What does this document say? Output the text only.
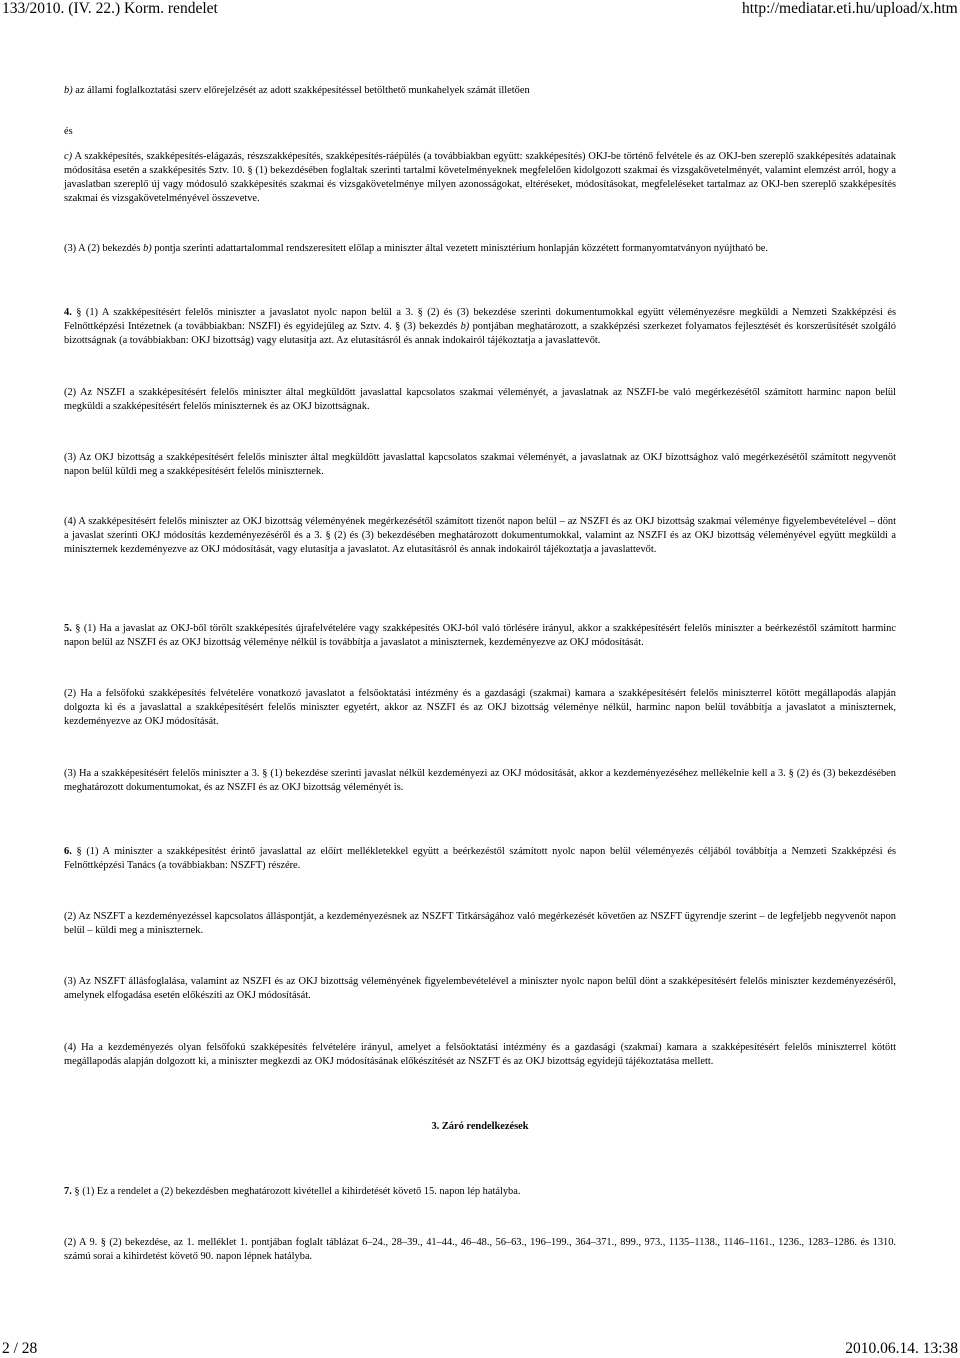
133/2010. (IV. 22.) Korm. rendelet	http://mediatar.eti.hu/upload/x.htm

b) az állami foglalkoztatási szerv előrejelzését az adott szakképesítéssel betölthető munkahelyek számát illetően

és

c) A szakképesítés, szakképesítés-elágazás, részszakképesítés, szakképesítés-ráépülés (a továbbiakban együtt: szakképesítés) OKJ-be történő felvétele és az OKJ-ben szereplő szakképesítés adatainak módosítása esetén a szakképesítés Sztv. 10. § (1) bekezdésében foglaltak szerinti tartalmi követelményeknek megfelelően kidolgozott szakmai és vizsgakövetelményét, valamint elemzést arról, hogy a javaslatban szereplő új vagy módosuló szakképesítés szakmai és vizsgakövetelménye milyen azonosságokat, eltéréseket, módosításokat, megfeleléseket tartalmaz az OKJ-ben szereplő szakképesítés szakmai és vizsgakövetelményével összevetve.

(3) A (2) bekezdés b) pontja szerinti adattartalommal rendszeresített előlap a miniszter által vezetett minisztérium honlapján közzétett formanyomtatványon nyújtható be.

4. § (1) A szakképesítésért felelős miniszter a javaslatot nyolc napon belül a 3. § (2) és (3) bekezdése szerinti dokumentumokkal együtt véleményezésre megküldi a Nemzeti Szakképzési és Felnőttképzési Intézetnek (a továbbiakban: NSZFI) és egyidejűleg az Sztv. 4. § (3) bekezdés b) pontjában meghatározott, a szakképzési szerkezet folyamatos fejlesztését és korszerűsítését szolgáló bizottságnak (a továbbiakban: OKJ bizottság) vagy elutasítja azt. Az elutasításról és annak indokairól tájékoztatja a javaslattevőt.

(2) Az NSZFI a szakképesítésért felelős miniszter által megküldött javaslattal kapcsolatos szakmai véleményét, a javaslatnak az NSZFI-be való megérkezésétől számított harminc napon belül megküldi a szakképesítésért felelős miniszternek és az OKJ bizottságnak.

(3) Az OKJ bizottság a szakképesítésért felelős miniszter által megküldött javaslattal kapcsolatos szakmai véleményét, a javaslatnak az OKJ bizottsághoz való megérkezésétől számított negyvenöt napon belül küldi meg a szakképesítésért felelős miniszternek.

(4) A szakképesítésért felelős miniszter az OKJ bizottság véleményének megérkezésétől számított tizenöt napon belül – az NSZFI és az OKJ bizottság szakmai véleménye figyelembevételével – dönt a javaslat szerinti OKJ módosítás kezdeményezéséről és a 3. § (2) és (3) bekezdésében meghatározott dokumentumokkal, valamint az NSZFI és az OKJ bizottság véleményével együtt megküldi a miniszternek kezdeményezve az OKJ módosítását, vagy elutasítja a javaslatot. Az elutasításról és annak indokairól tájékoztatja a javaslattevőt.

5. § (1) Ha a javaslat az OKJ-ből törölt szakképesítés újrafelvételére vagy szakképesítés OKJ-ból való törlésére irányul, akkor a szakképesítésért felelős miniszter a beérkezéstől számított harminc napon belül az NSZFI és az OKJ bizottság véleménye nélkül is továbbítja a javaslatot a miniszternek, kezdeményezve az OKJ módosítását.

(2) Ha a felsőfokú szakképesítés felvételére vonatkozó javaslatot a felsőoktatási intézmény és a gazdasági (szakmai) kamara a szakképesítésért felelős miniszterrel kötött megállapodás alapján dolgozta ki és a javaslattal a szakképesítésért felelős miniszter egyetért, akkor az NSZFI és az OKJ bizottság véleménye nélkül, harminc napon belül továbbítja a javaslatot a miniszternek, kezdeményezve az OKJ módosítását.

(3) Ha a szakképesítésért felelős miniszter a 3. § (1) bekezdése szerinti javaslat nélkül kezdeményezi az OKJ módosítását, akkor a kezdeményezéséhez mellékelnie kell a 3. § (2) és (3) bekezdésében meghatározott dokumentumokat, és az NSZFI és az OKJ bizottság véleményét is.

6. § (1) A miniszter a szakképesítést érintő javaslattal az előírt mellékletekkel együtt a beérkezéstől számított nyolc napon belül véleményezés céljából továbbítja a Nemzeti Szakképzési és Felnőttképzési Tanács (a továbbiakban: NSZFT) részére.

(2) Az NSZFT a kezdeményezéssel kapcsolatos álláspontját, a kezdeményezésnek az NSZFT Titkárságához való megérkezését követően az NSZFT ügyrendje szerint – de legfeljebb negyvenöt napon belül – küldi meg a miniszternek.

(3) Az NSZFT állásfoglalása, valamint az NSZFI és az OKJ bizottság véleményének figyelembevételével a miniszter nyolc napon belül dönt a szakképesítésért felelős miniszter kezdeményezéséről, amelynek elfogadása esetén előkészíti az OKJ módosítását.

(4) Ha a kezdeményezés olyan felsőfokú szakképesítés felvételére irányul, amelyet a felsőoktatási intézmény és a gazdasági (szakmai) kamara a szakképesítésért felelős miniszterrel kötött megállapodás alapján dolgozott ki, a miniszter megkezdi az OKJ módosításának előkészítését az NSZFT és az OKJ bizottság egyidejű tájékoztatása mellett.

3. Záró rendelkezések

7. § (1) Ez a rendelet a (2) bekezdésben meghatározott kivétellel a kihirdetését követő 15. napon lép hatályba.

(2) A 9. § (2) bekezdése, az 1. melléklet 1. pontjában foglalt táblázat 6–24., 28–39., 41–44., 46–48., 56–63., 196–199., 364–371., 899., 973., 1135–1138., 1146–1161., 1236., 1283–1286. és 1310. számú sorai a kihirdetést követő 90. napon lépnek hatályba.

2 / 28	2010.06.14. 13:38
